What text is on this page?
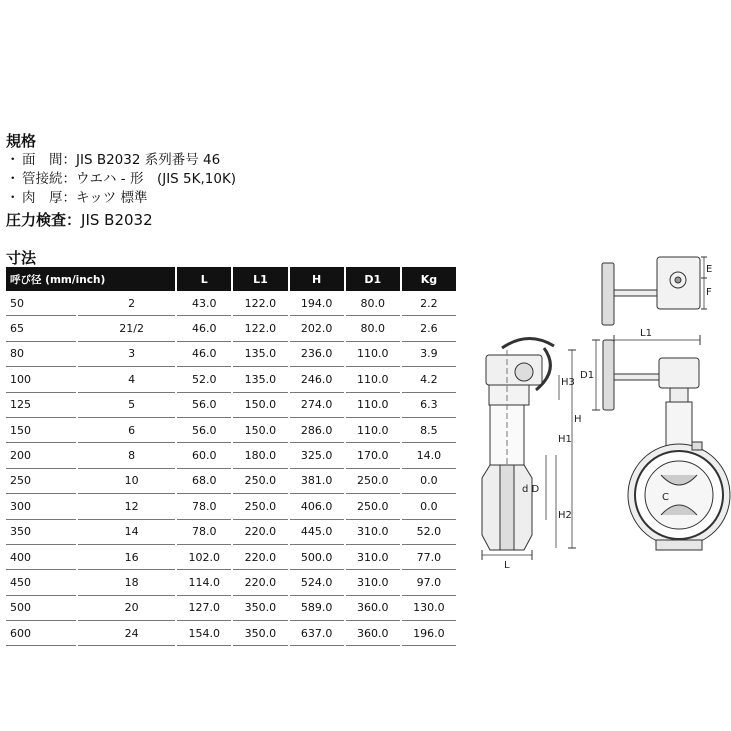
規格
・ 面　間：JIS B2032 系列番号 46
・ 管接続：ウエハ - 形　(JIS 5K,10K)
・ 肉　厚：キッツ 標準
圧力検査：JIS B2032
寸法
呼び径 (mm/inch)		L	L1	H	D1	Kg
50	2	43.0	122.0	194.0	80.0	2.2
65	21/2	46.0	122.0	202.0	80.0	2.6
80	3	46.0	135.0	236.0	110.0	3.9
100	4	52.0	135.0	246.0	110.0	4.2
125	5	56.0	150.0	274.0	110.0	6.3
150	6	56.0	150.0	286.0	110.0	8.5
200	8	60.0	180.0	325.0	170.0	14.0
250	10	68.0	250.0	381.0	250.0	0.0
300	12	78.0	250.0	406.0	250.0	0.0
350	14	78.0	220.0	445.0	310.0	52.0
400	16	102.0	220.0	500.0	310.0	77.0
450	18	114.0	220.0	524.0	310.0	97.0
500	20	127.0	350.0	589.0	360.0	130.0
600	24	154.0	350.0	637.0	360.0	196.0
E
F
L1
D1
H3
H
H1
d D
H2
C
L
